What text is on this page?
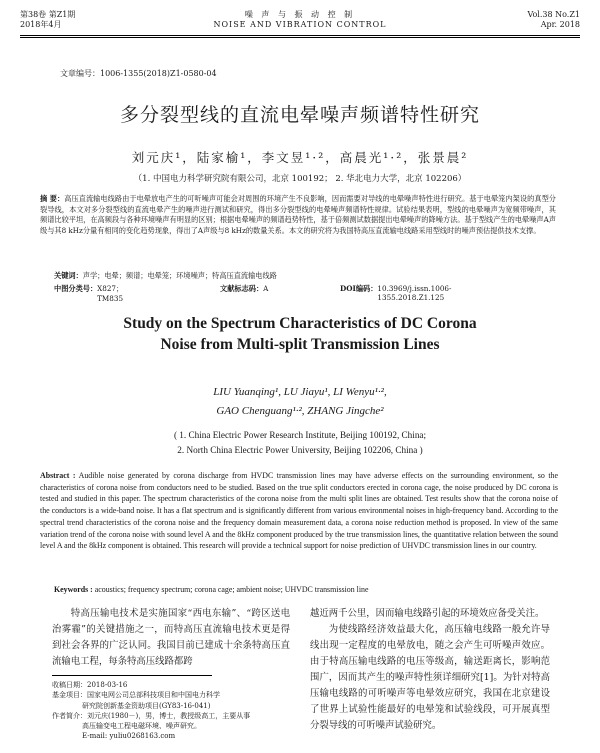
第38卷 第Z1期
2018年4月
噪 声 与 振 动 控 制
NOISE AND VIBRATION CONTROL
Vol.38 No.Z1
Apr. 2018
文章编号：1006-1355(2018)Z1-0580-04
多分裂型线的直流电晕噪声频谱特性研究
刘元庆¹，陆家榆¹，李文昱¹·²，高晨光¹·²，张景晨²
（1. 中国电力科学研究院有限公司，北京 100192； 2. 华北电力大学，北京 102206）
摘 要：高压直流输电线路由于电晕放电产生的可听噪声可能会对周围的环境产生不良影响，因而需要对导线的电晕噪声特性进行研究。基于电晕笼内架设的真型分裂导线，本文对多分裂型线的直流电晕产生的噪声进行测试和研究，得出多分裂型线的电晕噪声频谱特性规律。试验结果表明，型线的电晕噪声为宽频带噪声，其频谱比较平坦，在高频段与各种环境噪声有明显的区别；根据电晕噪声的频谱趋势特性，基于倍频测试数据提出电晕噪声的降噪方法。基于型线产生的电晕噪声A声级与其8 kHz分量有相同的变化趋势现象，得出了A声级与8 kHz的数量关系。本文的研究将为我国特高压直流输电线路采用型线时的噪声预估提供技术支撑。
关键词：声学；电晕；频谱；电晕笼；环境噪声；特高压直流输电线路
中图分类号： X827；TM835
文献标志码： A	DOI编码： 10.3969/j.issn.1006-1355.2018.Z1.125
Study on the Spectrum Characteristics of DC Corona Noise from Multi-split Transmission Lines
LIU Yuanqing¹, LU Jiayu¹, LI Wenyu¹·²,
GAO Chenguang¹·², ZHANG Jingche²
( 1. China Electric Power Research Institute, Beijing 100192, China;
2. North China Electric Power University, Beijing 102206, China )
Abstract : Audible noise generated by corona discharge from HVDC transmission lines may have adverse effects on the surrounding environment, so the characteristics of corona noise from conductors need to be studied. Based on the true split conductors erected in corona cage, the noise produced by DC corona is tested and studied in this paper. The spectrum characteristics of the corona noise from the multi split lines are obtained. Test results show that the corona noise of the conductors is a wide-band noise. It has a flat spectrum and is significantly different from various environmental noises in high-frequency band. According to the spectral trend characteristics of the corona noise and the frequency domain measurement data, a corona noise reduction method is proposed. In view of the same variation trend of the corona noise with sound level A and the 8kHz component produced by the true transmission lines, the quantitative relation between the sound level A and the 8kHz component is obtained. This research will provide a technical support for noise prediction of UHVDC transmission lines in our country.
Keywords : acoustics; frequency spectrum; corona cage; ambient noise; UHVDC transmission line

特高压输电技术是实施国家“西电东输”、“跨区送电治雾霾”的关键措施之一，而特高压直流输电技术更是得到社会各界的广泛认同。我国目前已建成十余条特高压直流输电工程，每条特高压线路都跨

越近两千公里，因而输电线路引起的环境效应备受关注。

为使线路经济效益最大化，高压输电线路一般允许导线出现一定程度的电晕放电，随之会产生可听噪声效应。由于特高压输电线路的电压等级高，输送距离长，影响范围广，因而其产生的噪声特性须详细研究[1]。为针对特高压输电线路的可听噪声等电晕效应研究，我国在北京建设了世界上试验性能最好的电晕笼和试验线段，可开展真型分裂导线的可听噪声试验研究。

收稿日期：2018-03-16
基金项目：国家电网公司总部科技项目和中国电力科学
研究院创新基金资助项目(GY83-16-041)
作者简介：刘元庆(1980－)，男，博士，教授级高工，主要从事
高压输变电工程电磁环境、噪声研究。
E-mail: yuliu0268163.com
